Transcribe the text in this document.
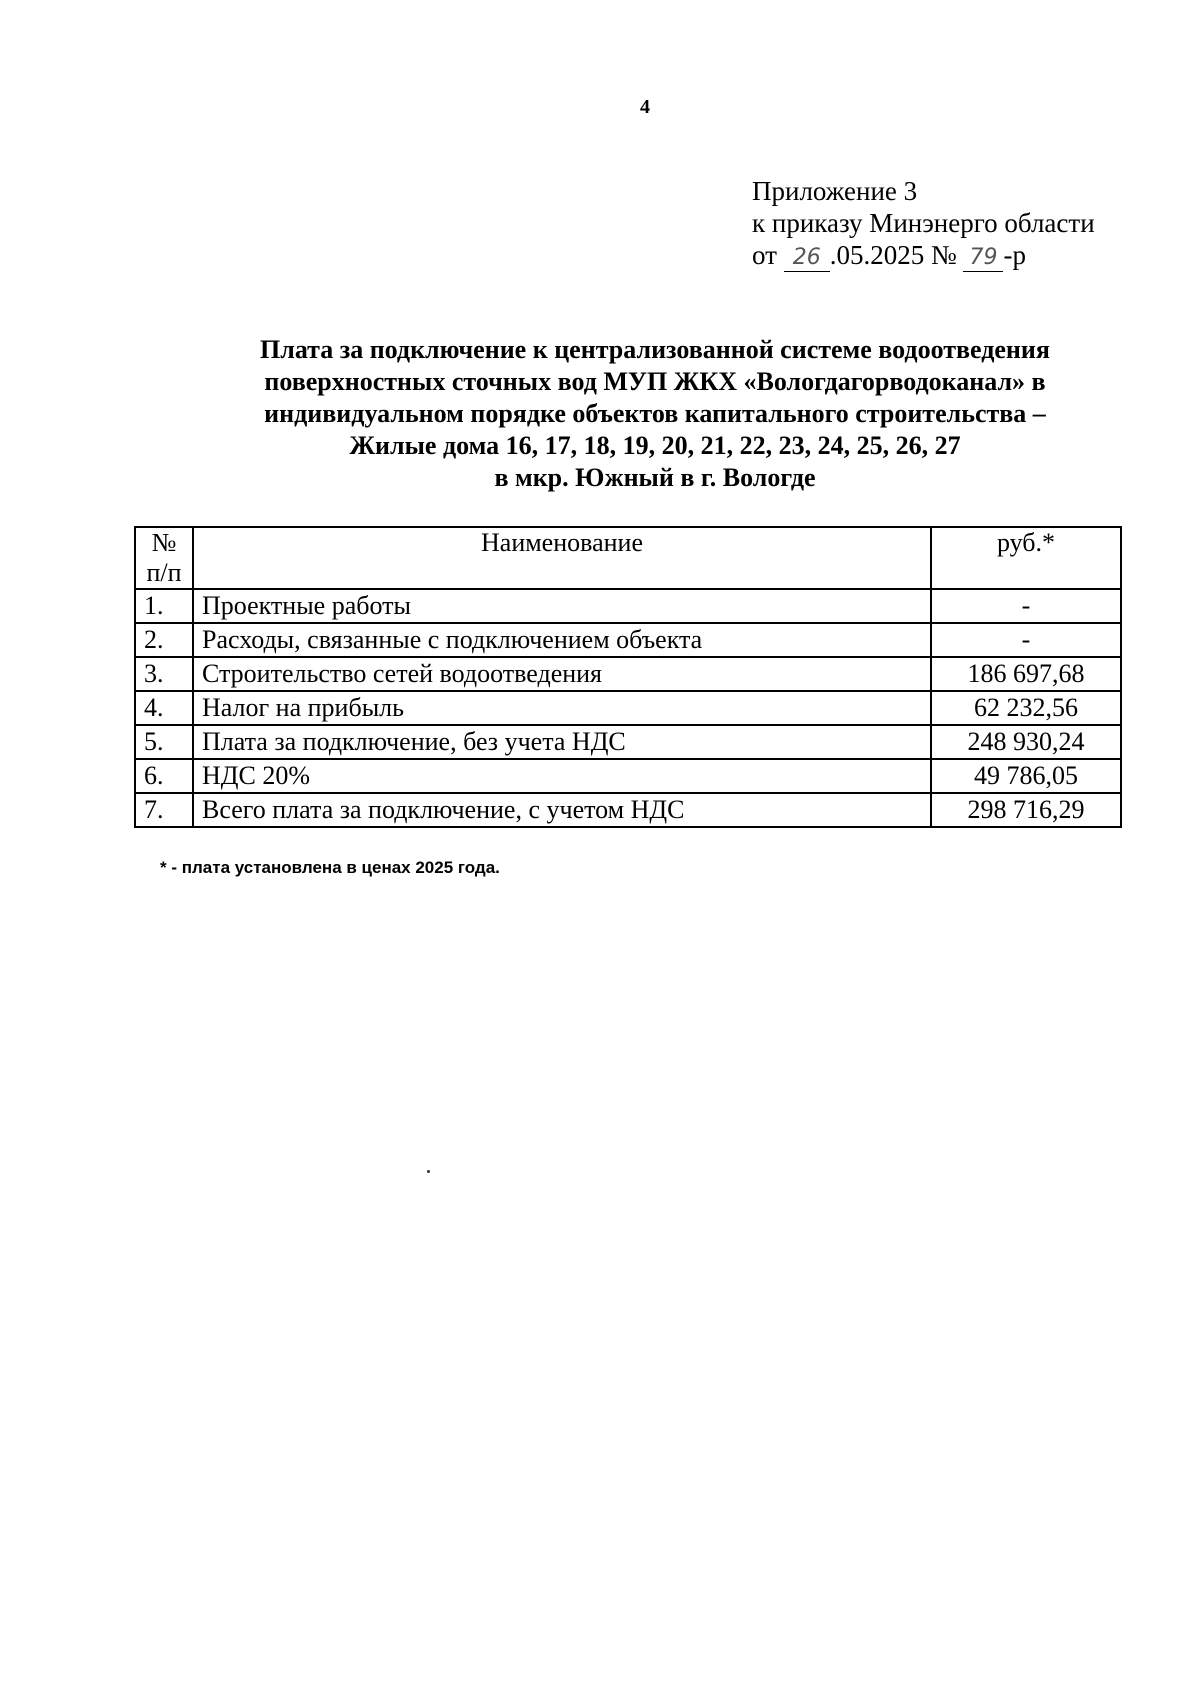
4
Приложение 3
к приказу Минэнерго области
от 26 .05.2025 № 79 -р
Плата за подключение к централизованной системе водоотведения
поверхностных сточных вод МУП ЖКХ «Вологдагорводоканал» в
индивидуальном порядке объектов капитального строительства –
Жилые дома 16, 17, 18, 19, 20, 21, 22, 23, 24, 25, 26, 27
в мкр. Южный в г. Вологде
№
п/п	Наименование	руб.*
1.	Проектные работы	-
2.	Расходы, связанные с подключением объекта	-
3.	Строительство сетей водоотведения	186 697,68
4.	Налог на прибыль	62 232,56
5.	Плата за подключение, без учета НДС	248 930,24
6.	НДС 20%	49 786,05
7.	Всего плата за подключение, с учетом НДС	298 716,29
* - плата установлена в ценах 2025 года.
